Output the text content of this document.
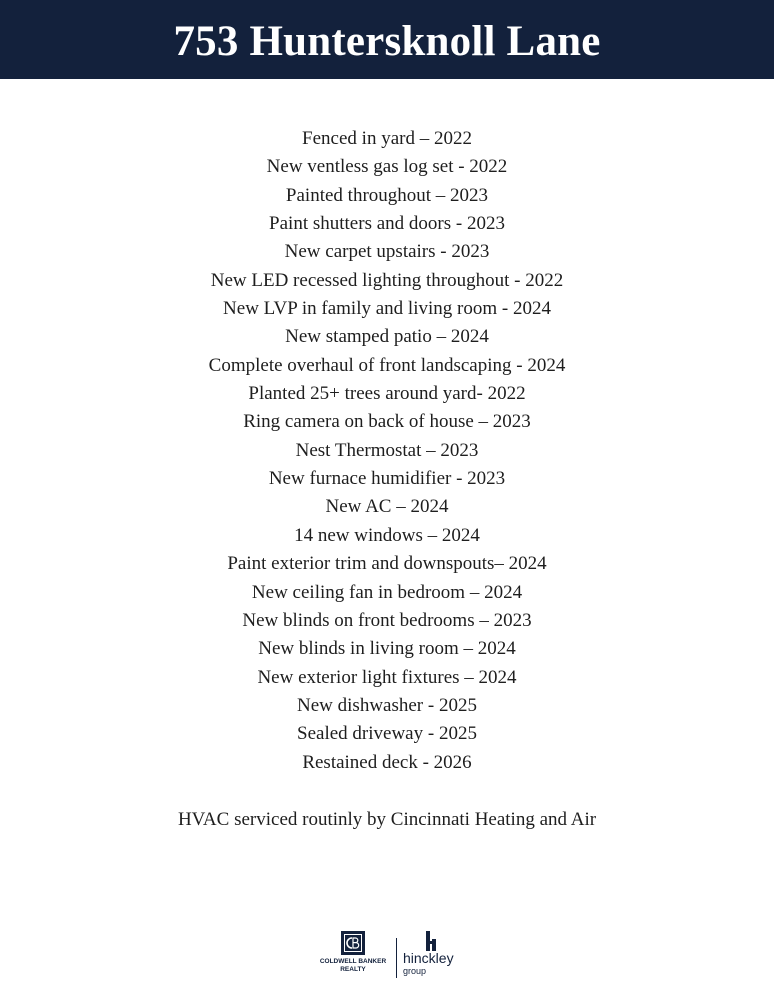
753 Huntersknoll Lane
Fenced in yard – 2022
New ventless gas log set - 2022
Painted throughout – 2023
Paint shutters and doors - 2023
New carpet upstairs - 2023
New LED recessed lighting throughout - 2022
New LVP in family and living room - 2024
New stamped patio – 2024
Complete overhaul of front landscaping - 2024
Planted 25+ trees around yard- 2022
Ring camera on back of house – 2023
Nest Thermostat – 2023
New furnace humidifier - 2023
New AC – 2024
14 new windows – 2024
Paint exterior trim and downspouts– 2024
New ceiling fan in bedroom – 2024
New blinds on front bedrooms – 2023
New blinds in living room – 2024
New exterior light fixtures – 2024
New dishwasher - 2025
Sealed driveway - 2025
Restained deck - 2026
HVAC serviced routinly by Cincinnati Heating and Air
COLDWELL BANKER
REALTY
hinckley
group
